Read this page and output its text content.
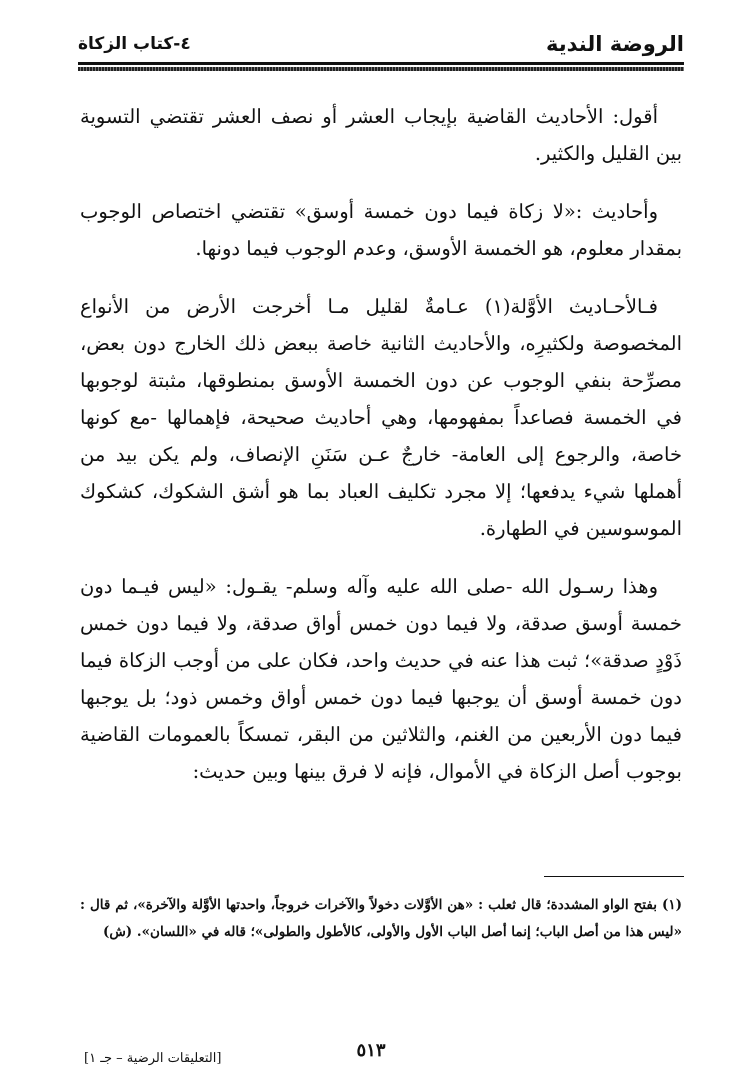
الروضة الندية
٤-كتاب الزكاة

أقول: الأحاديث القاضية بإيجاب العشر أو نصف العشر تقتضي التسوية بين القليل والكثير.

وأحاديث :«لا زكاة فيما دون خمسة أوسق» تقتضي اختصاص الوجوب بمقدار معلوم، هو الخمسة الأوسق، وعدم الوجوب فيما دونها.

فـالأحـاديث الأوَّلة(١) عـامةٌ لقليل مـا أخرجت الأرض من الأنواع المخصوصة ولكثيرِه، والأحاديث الثانية خاصة ببعض ذلك الخارج دون بعض، مصرِّحة بنفي الوجوب عن دون الخمسة الأوسق بمنطوقها، مثبتة لوجوبها في الخمسة فصاعداً بمفهومها، وهي أحاديث صحيحة، فإهمالها -مع كونها خاصة، والرجوع إلى العامة- خارجٌ عـن سَنَنِ الإنصاف، ولم يكن بيد من أهملها شيء يدفعها؛ إلا مجرد تكليف العباد بما هو أشق الشكوك، كشكوك الموسوسين في الطهارة.

وهذا رسـول الله -صلى الله عليه وآله وسلم- يقـول: «ليس فيـما دون خمسة أوسق صدقة، ولا فيما دون خمس أواق صدقة، ولا فيما دون خمس ذَوْدٍ صدقة»؛ ثبت هذا عنه في حديث واحد، فكان على من أوجب الزكاة فيما دون خمسة أوسق أن يوجبها فيما دون خمس أواق وخمس ذود؛ بل يوجبها فيما دون الأربعين من الغنم، والثلاثين من البقر، تمسكاً بالعمومات القاضية بوجوب أصل الزكاة في الأموال، فإنه لا فرق بينها وبين حديث:

(١) بفتح الواو المشددة؛ قال ثعلب : «هن الأوَّلات دخولاً والآخرات خروجاً، واحدتها الأوَّلة والآخرة»، ثم قال : «ليس هذا من أصل الباب؛ إنما أصل الباب الأول والأولى، كالأطول والطولى»؛ قاله في «اللسان». (ش)
٥١٣
[التعليقات الرضية – جـ ١]
